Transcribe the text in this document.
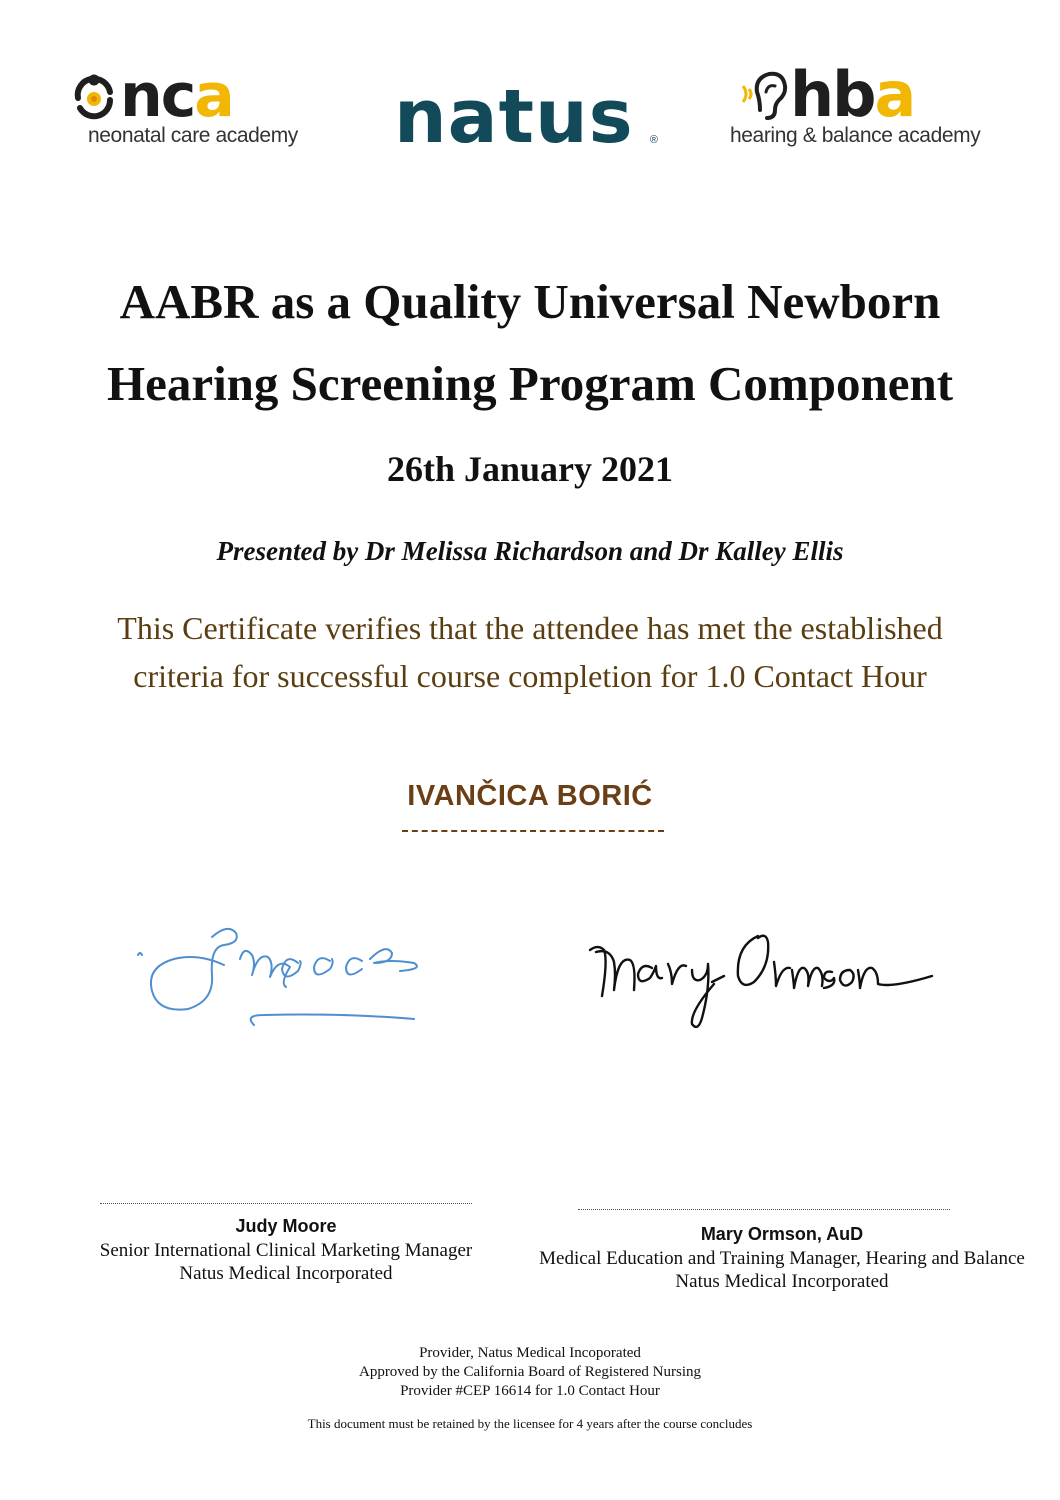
nca
neonatal care academy natus ®
hba
hearing & balance academy
AABR as a Quality Universal Newborn
Hearing Screening Program Component
26th January 2021
Presented by Dr Melissa Richardson and Dr Kalley Ellis
This Certificate verifies that the attendee has met the established
criteria for successful course completion for 1.0 Contact Hour
IVANČICA BORIĆ
Judy Moore
Senior International Clinical Marketing Manager
Natus Medical Incorporated
Mary Ormson, AuD
Medical Education and Training Manager, Hearing and Balance
Natus Medical Incorporated
Provider, Natus Medical Incoporated
Approved by the California Board of Registered Nursing
Provider #CEP 16614 for 1.0 Contact Hour
This document must be retained by the licensee for 4 years after the course concludes
